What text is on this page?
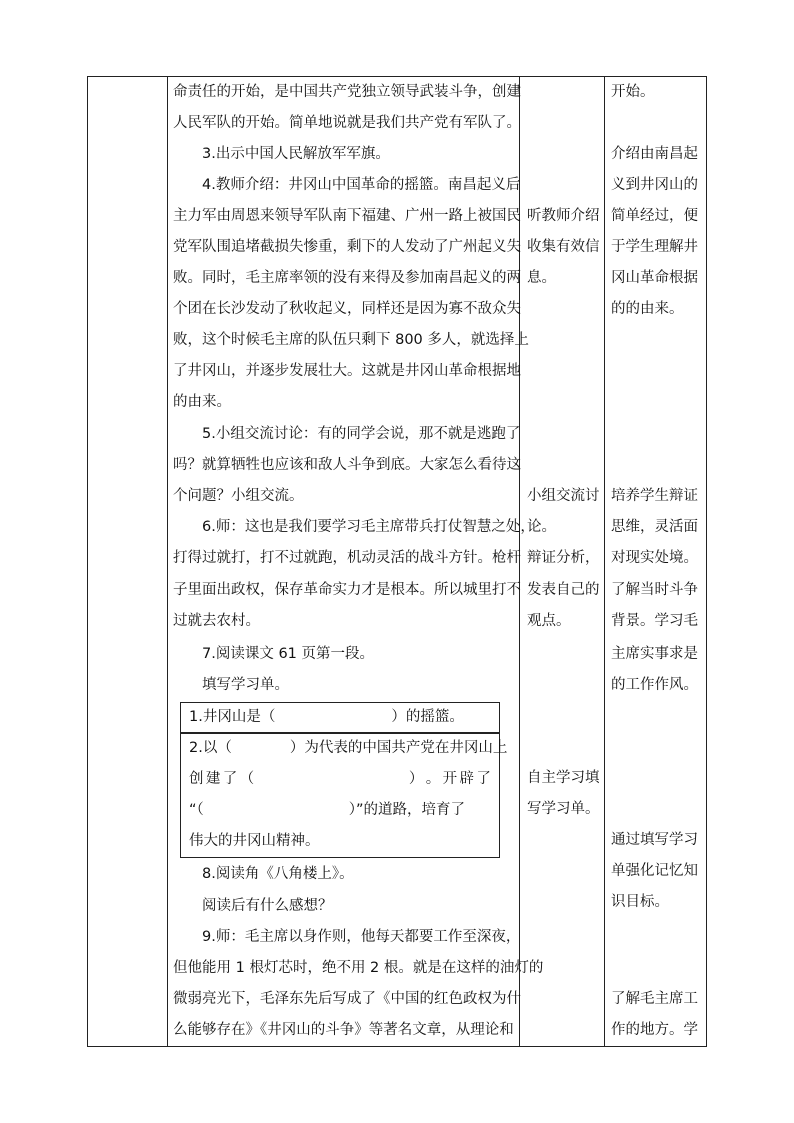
命责任的开始，是中国共产党独立领导武装斗争，创建
人民军队的开始。简单地说就是我们共产党有军队了。
3.出示中国人民解放军军旗。
4.教师介绍：井冈山中国革命的摇篮。南昌起义后
主力军由周恩来领导军队南下福建、广州一路上被国民
党军队围追堵截损失惨重，剩下的人发动了广州起义失
败。同时，毛主席率领的没有来得及参加南昌起义的两
个团在长沙发动了秋收起义，同样还是因为寡不敌众失
败，这个时候毛主席的队伍只剩下 800 多人，就选择上
了井冈山，并逐步发展壮大。这就是井冈山革命根据地
的由来。
5.小组交流讨论：有的同学会说，那不就是逃跑了
吗？就算牺牲也应该和敌人斗争到底。大家怎么看待这
个问题？小组交流。
6.师：这也是我们要学习毛主席带兵打仗智慧之处，
打得过就打，打不过就跑，机动灵活的战斗方针。枪杆
子里面出政权，保存革命实力才是根本。所以城里打不
过就去农村。
7.阅读课文 61 页第一段。
填写学习单。
1.井冈山是（　　　　　　　　）的摇篮。
2.以（　　　　）为代表的中国共产党在井冈山上
创 建 了 （	） 。 开 辟 了
“（　　　　　　　　　　）”的道路，培育了
伟大的井冈山精神。
8.阅读角《八角楼上》。
阅读后有什么感想？
9.师：毛主席以身作则，他每天都要工作至深夜，
但他能用 1 根灯芯时，绝不用 2 根。就是在这样的油灯的
微弱亮光下，毛泽东先后写成了《中国的红色政权为什
么能够存在》《井冈山的斗争》等著名文章，从理论和
听教师介绍
收集有效信
息。
小组交流讨
论。
辩证分析，
发表自己的
观点。
自主学习填
写学习单。
开始。
介绍由南昌起
义到井冈山的
简单经过，便
于学生理解井
冈山革命根据
的的由来。
培养学生辩证
思维，灵活面
对现实处境。
了解当时斗争
背景。学习毛
主席实事求是
的工作作风。
通过填写学习
单强化记忆知
识目标。
了解毛主席工
作的地方。学
